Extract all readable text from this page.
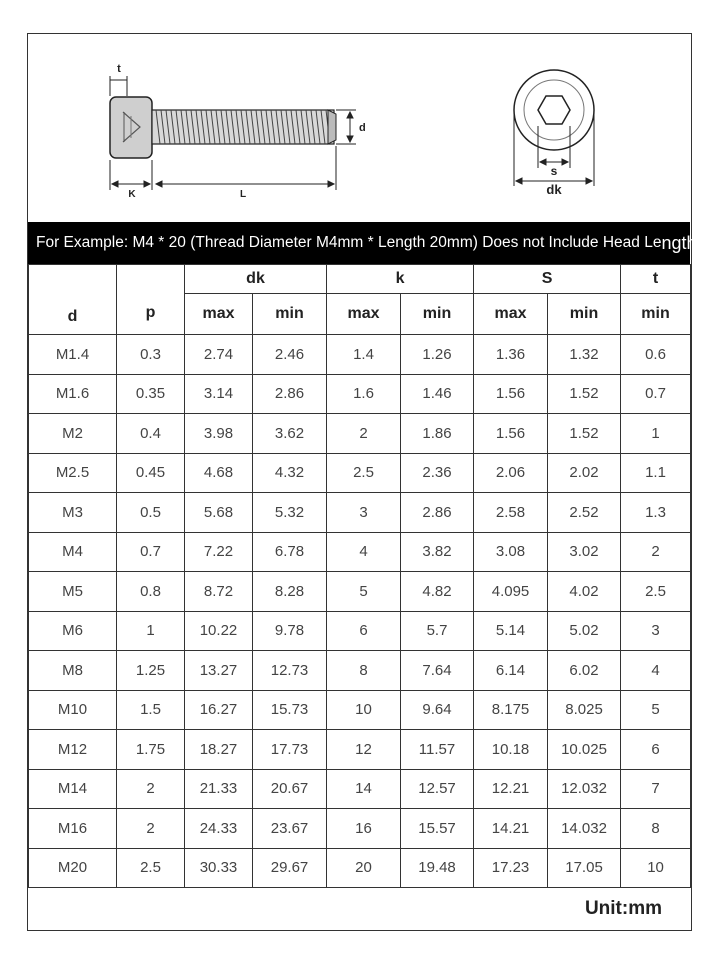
t
K	L
d
s
dk
For Example: M4 * 20 (Thread Diameter M4mm * Length 20mm) Does not Include Head Le ngth
d	p	dk		k		S		t
		max	min	max	min	max	min	min
M1.4	0.3	2.74	2.46	1.4	1.26	1.36	1.32	0.6
M1.6	0.35	3.14	2.86	1.6	1.46	1.56	1.52	0.7
M2	0.4	3.98	3.62	2	1.86	1.56	1.52	1
M2.5	0.45	4.68	4.32	2.5	2.36	2.06	2.02	1.1
M3	0.5	5.68	5.32	3	2.86	2.58	2.52	1.3
M4	0.7	7.22	6.78	4	3.82	3.08	3.02	2
M5	0.8	8.72	8.28	5	4.82	4.095	4.02	2.5
M6	1	10.22	9.78	6	5.7	5.14	5.02	3
M8	1.25	13.27	12.73	8	7.64	6.14	6.02	4
M10	1.5	16.27	15.73	10	9.64	8.175	8.025	5
M12	1.75	18.27	17.73	12	11.57	10.18	10.025	6
M14	2	21.33	20.67	14	12.57	12.21	12.032	7
M16	2	24.33	23.67	16	15.57	14.21	14.032	8
M20	2.5	30.33	29.67	20	19.48	17.23	17.05	10
Unit:mm
